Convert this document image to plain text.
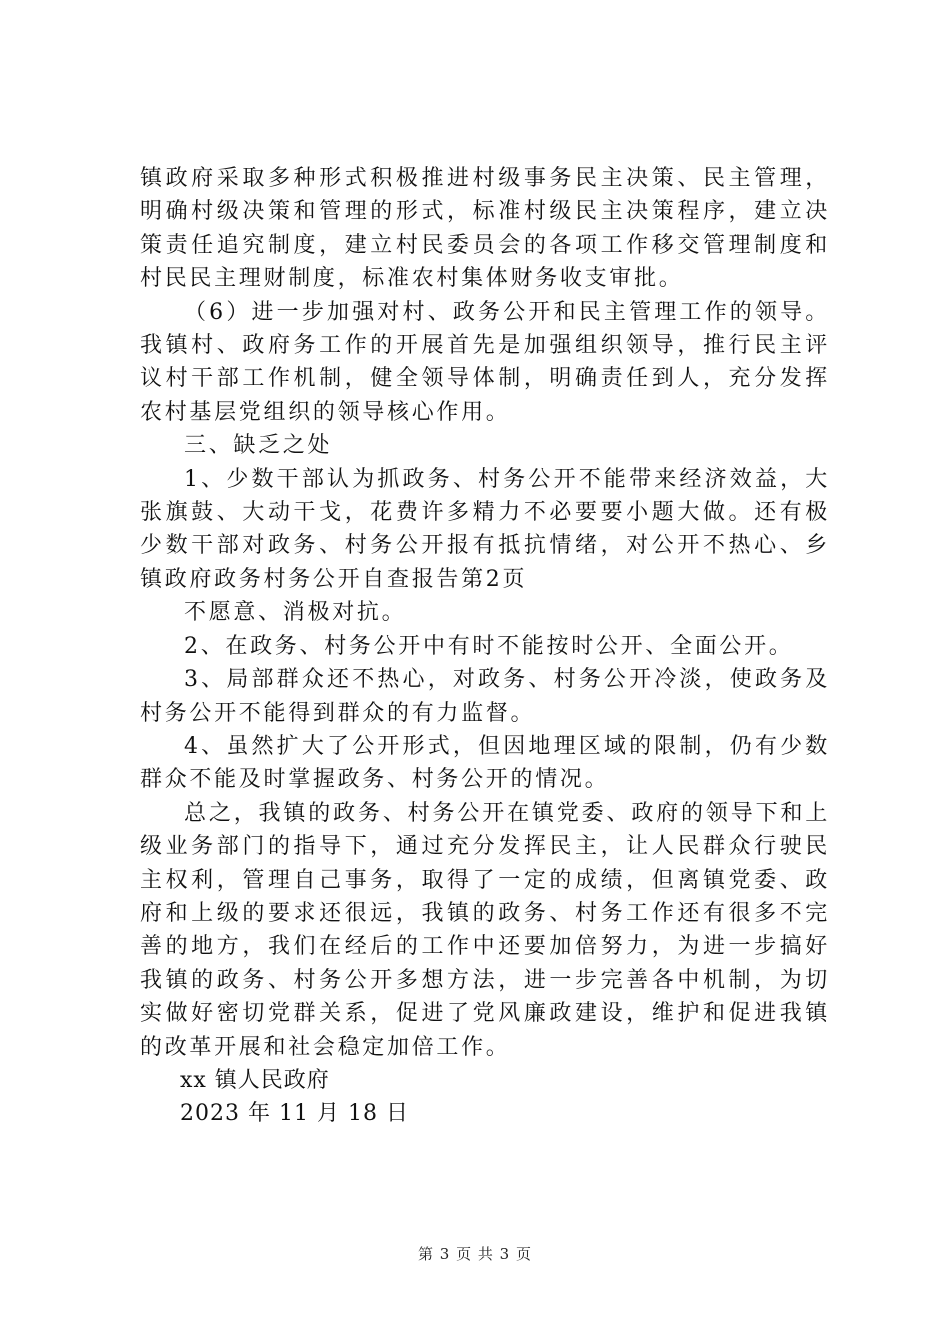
镇政府采取多种形式积极推进村级事务民主决策、民主管理，明确村级决策和管理的形式，标准村级民主决策程序，建立决策责任追究制度，建立村民委员会的各项工作移交管理制度和村民民主理财制度，标准农村集体财务收支审批。

（6）进一步加强对村、政务公开和民主管理工作的领导。我镇村、政府务工作的开展首先是加强组织领导，推行民主评议村干部工作机制，健全领导体制，明确责任到人，充分发挥农村基层党组织的领导核心作用。

三、缺乏之处

1、少数干部认为抓政务、村务公开不能带来经济效益，大张旗鼓、大动干戈，花费许多精力不必要要小题大做。还有极少数干部对政务、村务公开报有抵抗情绪，对公开不热心、乡镇政府政务村务公开自查报告第2页

不愿意、消极对抗。

2、在政务、村务公开中有时不能按时公开、全面公开。

3、局部群众还不热心，对政务、村务公开冷淡，使政务及村务公开不能得到群众的有力监督。

4、虽然扩大了公开形式，但因地理区域的限制，仍有少数群众不能及时掌握政务、村务公开的情况。

总之，我镇的政务、村务公开在镇党委、政府的领导下和上级业务部门的指导下，通过充分发挥民主，让人民群众行驶民主权利，管理自己事务，取得了一定的成绩，但离镇党委、政府和上级的要求还很远，我镇的政务、村务工作还有很多不完善的地方，我们在经后的工作中还要加倍努力，为进一步搞好我镇的政务、村务公开多想方法，进一步完善各中机制，为切实做好密切党群关系，促进了党风廉政建设，维护和促进我镇的改革开展和社会稳定加倍工作。

xx 镇人民政府

2023 年 11 月 18 日

第 3 页 共 3 页
